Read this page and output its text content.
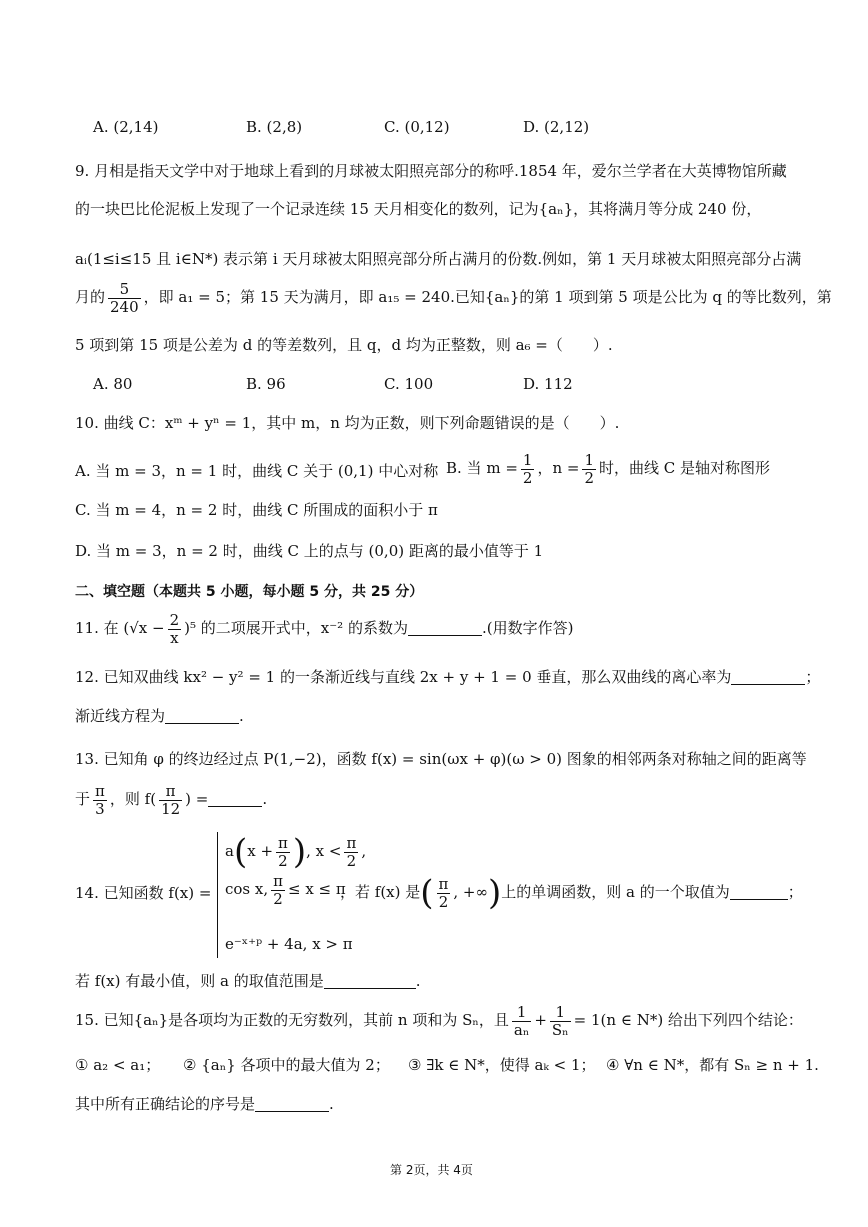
A. (2,14)	B. (2,8)	C. (0,12)	D. (2,12)
9. 月相是指天文学中对于地球上看到的月球被太阳照亮部分的称呼.1854 年，爱尔兰学者在大英博物馆所藏
的一块巴比伦泥板上发现了一个记录连续 15 天月相变化的数列，记为{aₙ}，其将满月等分成 240 份，
aᵢ(1≤i≤15 且 i∈N*) 表示第 i 天月球被太阳照亮部分所占满月的份数.例如，第 1 天月球被太阳照亮部分占满
月的 $\frac{5}{240}$ ，即 a₁ = 5；第 15 天为满月，即 a₁₅ = 240.已知{aₙ}的第 1 项到第 5 项是公比为 q 的等比数列，第
5 项到第 15 项是公差为 d 的等差数列，且 q，d 均为正整数，则 a₆ =（　　）.
A. 80	B. 96	C. 100	D. 112
10. 曲线 C：xᵐ + yⁿ = 1，其中 m，n 均为正数，则下列命题错误的是（　　）.
A. 当 m = 3，n = 1 时，曲线 C 关于 (0,1) 中心对称 B. 当 $m = \frac{1}{2}$ ，$n = \frac{1}{2}$ 时，曲线 C 是轴对称图形
C. 当 m = 4，n = 2 时，曲线 C 所围成的面积小于 π
D. 当 m = 3，n = 2 时，曲线 C 上的点与 (0,0) 距离的最小值等于 1
二、填空题（本题共 5 小题，每小题 5 分，共 25 分）
11. 在 $(√x - \frac{2}{x} )^5$ 的二项展开式中，x⁻² 的系数为	.(用数字作答)
12. 已知双曲线 kx² − y² = 1 的一条渐近线与直线 2x + y + 1 = 0 垂直，那么双曲线的离心率为	；
渐近线方程为	.
13. 已知角 φ 的终边经过点 P(1,−2)，函数 f(x) = sin(ωx + φ)(ω > 0) 图象的相邻两条对称轴之间的距离等
于 $\frac{\pi}{3}$ ，则 $f( \frac{\pi}{12}$ ) =	.
14. 已知函数 f(x) =
$a(x + \frac{\pi}{2}$ ), $x < \frac{\pi}{2}$ ,
cos x, $\frac{\pi}{2} \le x \le \pi$
e⁻ˣ⁺ᵖ + 4a, x > π
，若 f(x) 是( $\frac{\pi}{2}$ , +∞)上的单调函数，则 a 的一个取值为	；
若 f(x) 有最小值，则 a 的取值范围是	.
15. 已知{aₙ}是各项均为正数的无穷数列，其前 n 项和为 Sₙ，且 $\frac{1}{\text{aₙ}} + \frac{1}{\text{Sₙ}} = 1(n$ ∈ N*) 给出下列四个结论：
① a₂ < a₁； ② {aₙ} 各项中的最大值为 2； ③ ∃k ∈ N*，使得 aₖ < 1； ④ ∀n ∈ N*，都有 Sₙ ≥ n + 1.
其中所有正确结论的序号是	.
第 2页，共 4页
